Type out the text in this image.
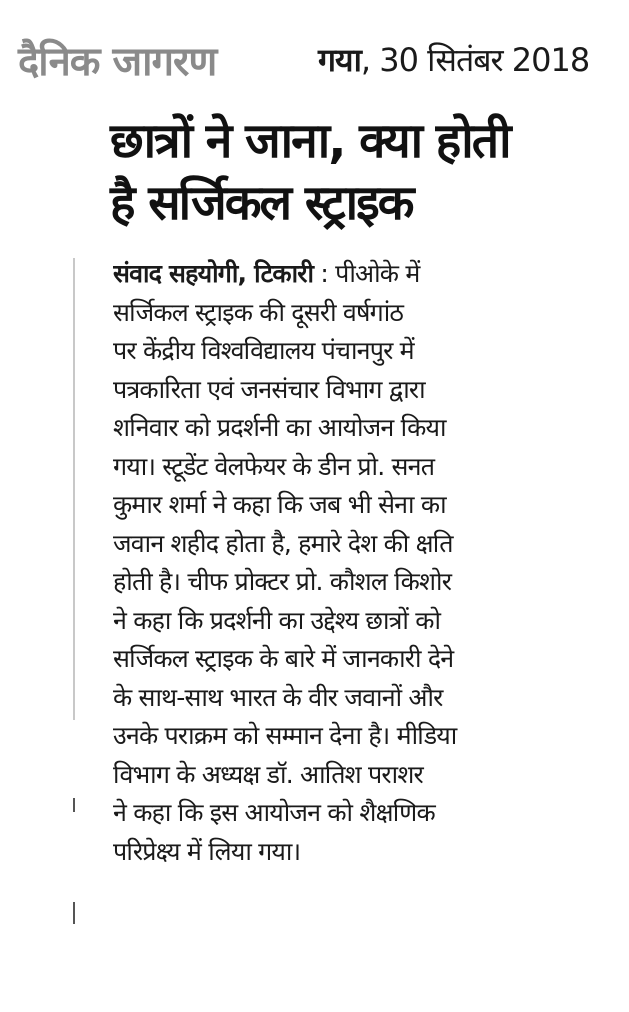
दैनिक जागरण	गया, 30 सितंबर 2018
छात्रों ने जाना, क्या होती
है सर्जिकल स्ट्राइक
संवाद सहयोगी, टिकारी : पीओके में
सर्जिकल स्ट्राइक की दूसरी वर्षगांठ
पर केंद्रीय विश्वविद्यालय पंचानपुर में
पत्रकारिता एवं जनसंचार विभाग द्वारा
शनिवार को प्रदर्शनी का आयोजन किया
गया। स्टूडेंट वेलफेयर के डीन प्रो. सनत
कुमार शर्मा ने कहा कि जब भी सेना का
जवान शहीद होता है, हमारे देश की क्षति
होती है। चीफ प्रोक्टर प्रो. कौशल किशोर
ने कहा कि प्रदर्शनी का उद्देश्य छात्रों को
सर्जिकल स्ट्राइक के बारे में जानकारी देने
के साथ-साथ भारत के वीर जवानों और
उनके पराक्रम को सम्मान देना है। मीडिया
विभाग के अध्यक्ष डॉ. आतिश पराशर
ने कहा कि इस आयोजन को शैक्षणिक
परिप्रेक्ष्य में लिया गया।
